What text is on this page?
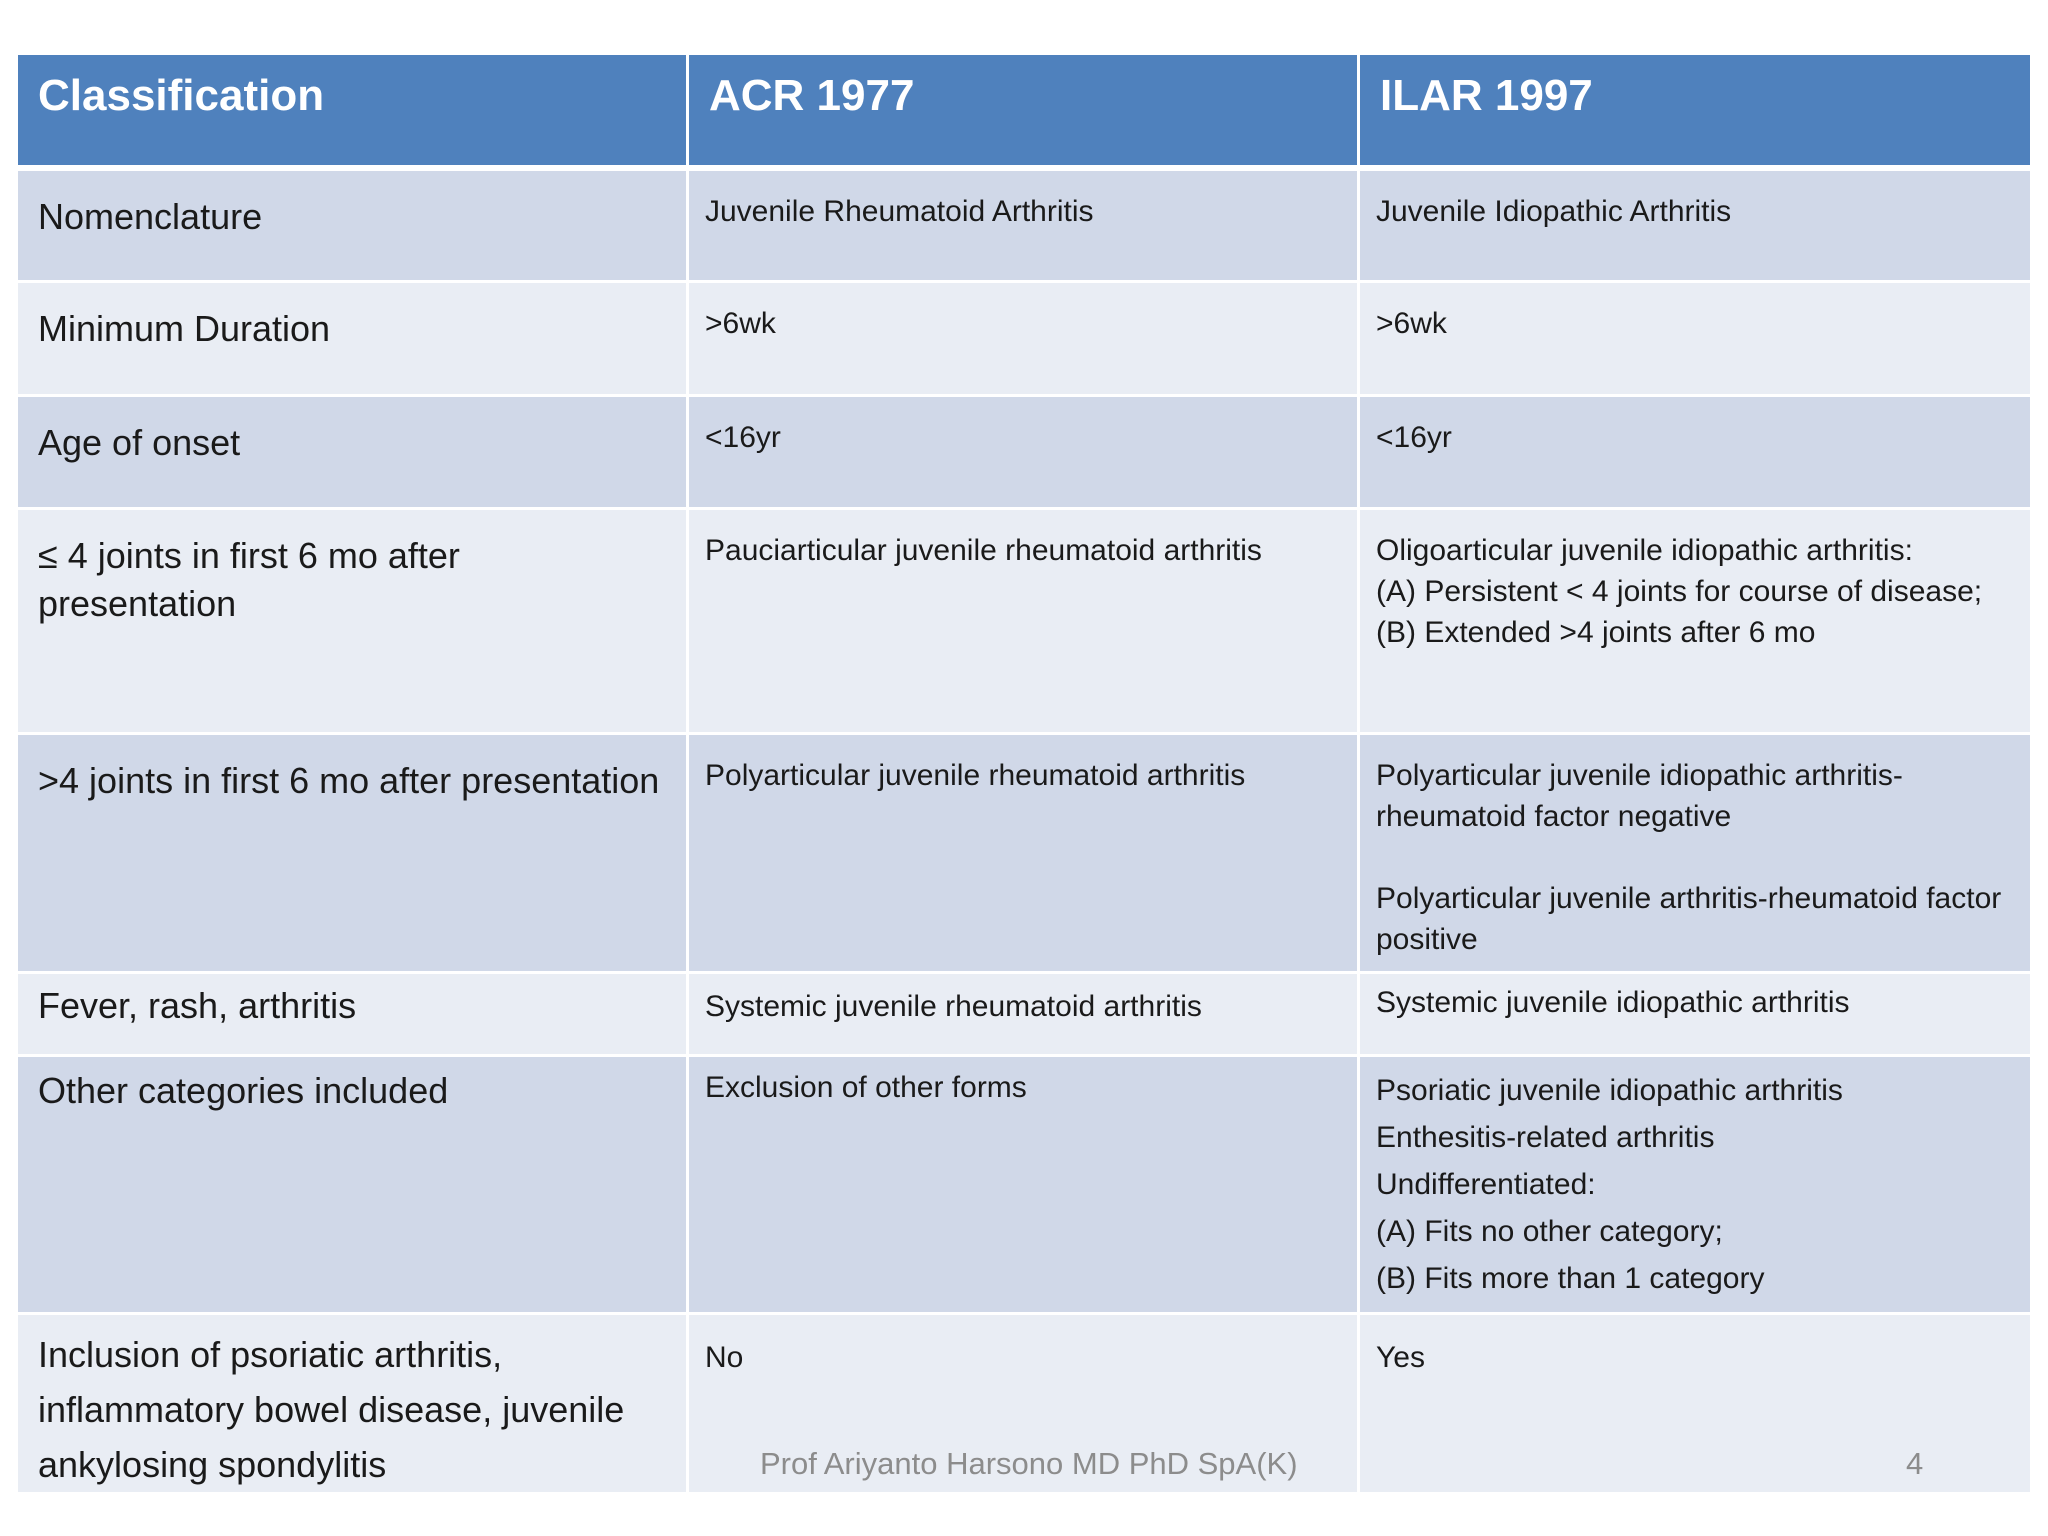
Classification	ACR 1977	ILAR 1997
Nomenclature	Juvenile Rheumatoid Arthritis	Juvenile Idiopathic Arthritis

Minimum Duration	>6wk	>6wk

Age of onset	<16yr	<16yr

≤ 4 joints in first 6 mo after presentation	Pauciarticular juvenile rheumatoid arthritis	Oligoarticular juvenile idiopathic arthritis:
(A) Persistent < 4 joints for course of disease;
(B) Extended >4 joints after 6 mo

>4 joints in first 6 mo after presentation	Polyarticular juvenile rheumatoid arthritis	Polyarticular juvenile idiopathic arthritis-rheumatoid factor negative
Polyarticular juvenile arthritis-rheumatoid factor positive

Fever, rash, arthritis	Systemic juvenile rheumatoid arthritis	Systemic juvenile idiopathic arthritis

Other categories included	Exclusion of other forms	Psoriatic juvenile idiopathic arthritis
Enthesitis-related arthritis
Undifferentiated:
(A) Fits no other category;
(B) Fits more than 1 category

Inclusion of psoriatic arthritis, inflammatory bowel disease, juvenile ankylosing spondylitis	No	Yes
Prof Ariyanto Harsono MD PhD SpA(K)	4
